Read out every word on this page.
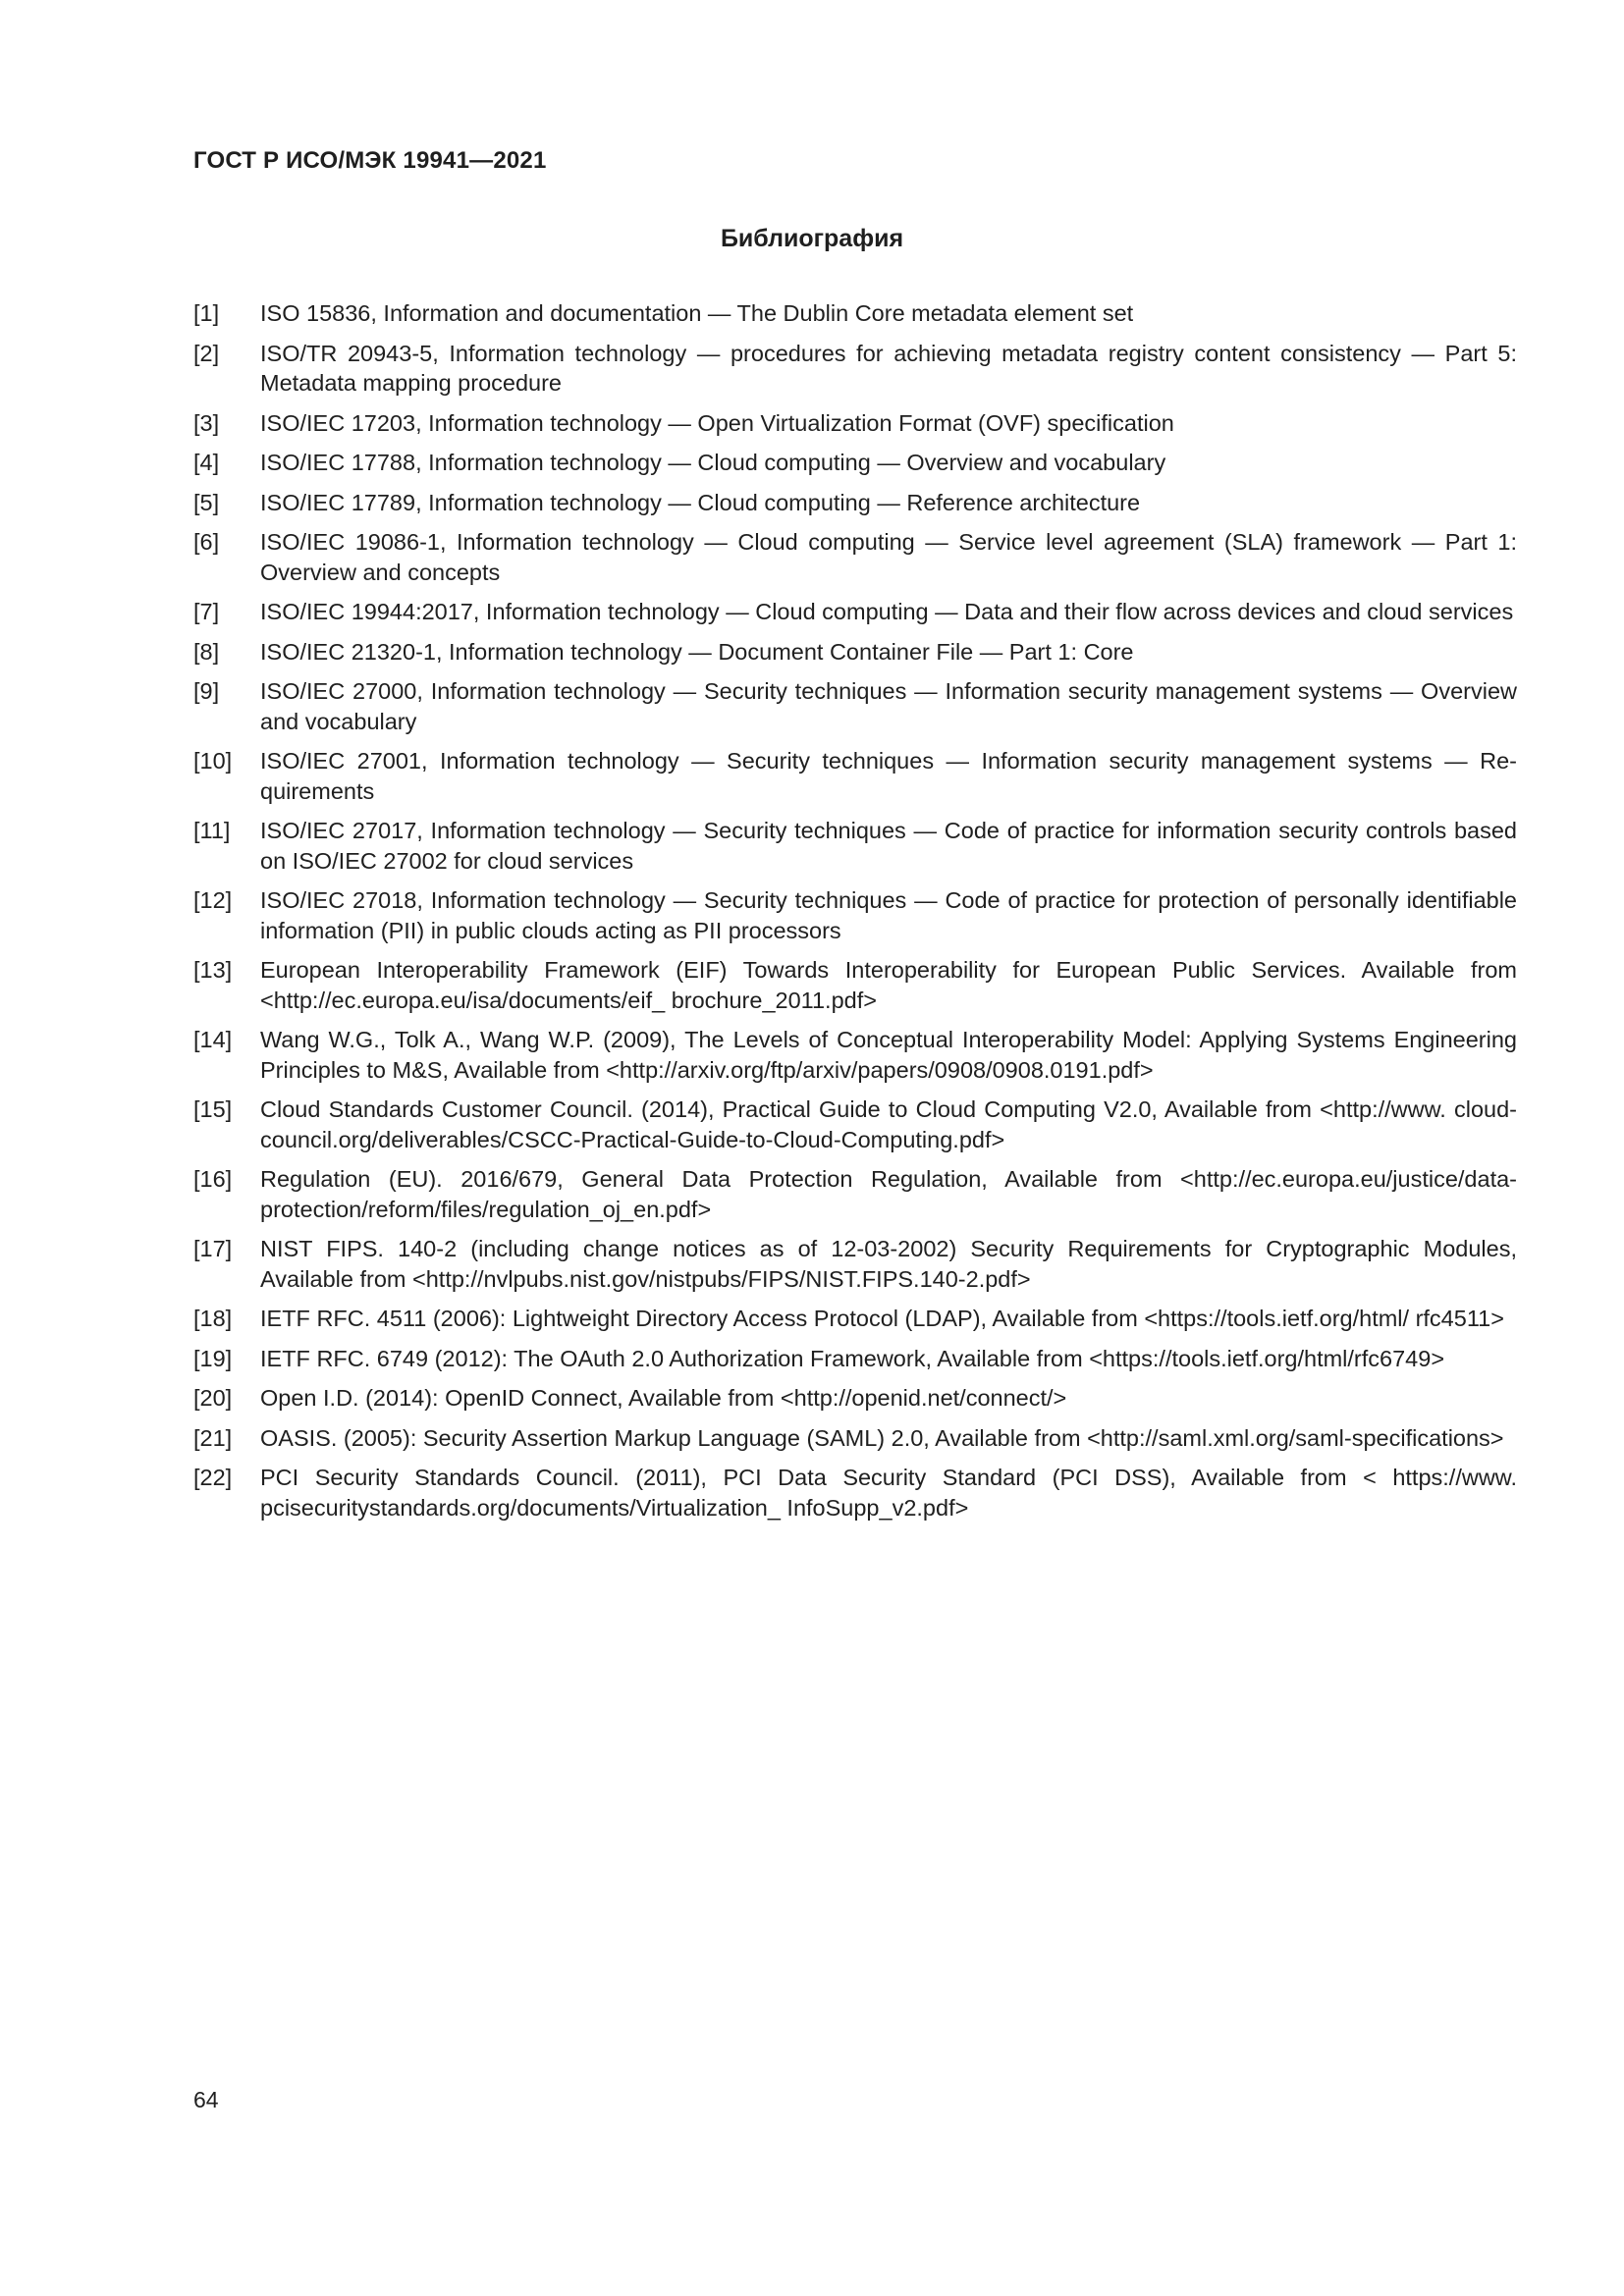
ГОСТ Р ИСО/МЭК 19941—2021
Библиография
[1]	ISO 15836, Information and documentation — The Dublin Core metadata element set
[2]	ISO/TR 20943-5, Information technology — procedures for achieving metadata registry content consistency — Part 5: Metadata mapping procedure
[3]	ISO/IEC 17203, Information technology — Open Virtualization Format (OVF) specification
[4]	ISO/IEC 17788, Information technology — Cloud computing — Overview and vocabulary
[5]	ISO/IEC 17789, Information technology — Cloud computing — Reference architecture
[6]	ISO/IEC 19086-1, Information technology — Cloud computing — Service level agreement (SLA) framework — Part 1: Overview and concepts
[7]	ISO/IEC 19944:2017, Information technology — Cloud computing — Data and their flow across devices and cloud services
[8]	ISO/IEC 21320-1, Information technology — Document Container File — Part 1: Core
[9]	ISO/IEC 27000, Information technology — Security techniques — Information security management systems — Overview and vocabulary
[10]	ISO/IEC 27001, Information technology — Security techniques — Information security management systems — Requirements
[11]	ISO/IEC 27017, Information technology — Security techniques — Code of practice for information security controls based on ISO/IEC 27002 for cloud services
[12]	ISO/IEC 27018, Information technology — Security techniques — Code of practice for protection of personally identifiable information (PII) in public clouds acting as PII processors
[13]	European Interoperability Framework (EIF) Towards Interoperability for European Public Services. Available from <http://ec.europa.eu/isa/documents/eif_ brochure_2011.pdf>
[14]	Wang W.G., Tolk A., Wang W.P. (2009), The Levels of Conceptual Interoperability Model: Applying Systems Engineering Principles to M&S, Available from <http://arxiv.org/ftp/arxiv/papers/0908/0908.0191.pdf>
[15]	Cloud Standards Customer Council. (2014), Practical Guide to Cloud Computing V2.0, Available from <http://www. cloud-council.org/deliverables/CSCC-Practical-Guide-to-Cloud-Computing.pdf>
[16]	Regulation (EU). 2016/679, General Data Protection Regulation, Available from <http://ec.europa.eu/justice/data-protection/reform/files/regulation_oj_en.pdf>
[17]	NIST FIPS. 140-2 (including change notices as of 12-03-2002) Security Requirements for Cryptographic Modules, Available from <http://nvlpubs.nist.gov/nistpubs/FIPS/NIST.FIPS.140-2.pdf>
[18]	IETF RFC. 4511 (2006): Lightweight Directory Access Protocol (LDAP), Available from <https://tools.ietf.org/html/ rfc4511>
[19]	IETF RFC. 6749 (2012): The OAuth 2.0 Authorization Framework, Available from <https://tools.ietf.org/html/rfc6749>
[20]	Open I.D. (2014): OpenID Connect, Available from <http://openid.net/connect/>
[21]	OASIS. (2005): Security Assertion Markup Language (SAML) 2.0, Available from <http://saml.xml.org/saml-specifications>
[22]	PCI Security Standards Council. (2011), PCI Data Security Standard (PCI DSS), Available from < https://www. pcisecuritystandards.org/documents/Virtualization_ InfoSupp_v2.pdf>
64
